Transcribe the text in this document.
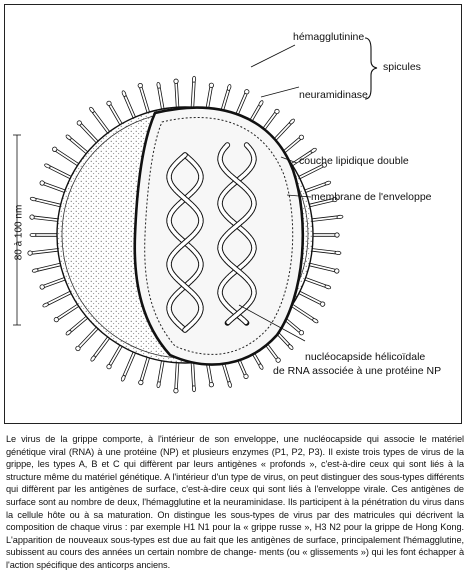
hémagglutinine
spicules
neuramidinase
couche lipidique double
membrane de l'enveloppe
nucléocapside hélicoïdale
de RNA associée à une protéine NP
80 à 100 nm
Le virus de la grippe comporte, à l'intérieur de son enveloppe, une nucléocapside qui associe le matériel génétique viral (RNA) à une protéine (NP) et plusieurs enzymes (P1, P2, P3). Il existe trois types de virus de la grippe, les types A, B et C qui diffèrent par leurs antigènes « profonds », c'est-à-dire ceux qui sont liés à la structure même du matériel génétique. A l'intérieur d'un type de virus, on peut distinguer des sous-types différents qui diffèrent par les antigènes de surface, c'est-à-dire ceux qui sont liés à l'enveloppe virale. Ces antigènes de surface sont au nombre de deux, l'hémagglutine et la neuraminidase. Ils participent à la pénétration du virus dans la cellule hôte ou à sa maturation. On distingue les sous-types de virus par des matricules qui décrivent la composition de chaque virus : par exemple H1 N1 pour la « grippe russe », H3 N2 pour la grippe de Hong Kong. L'apparition de nouveaux sous-types est due au fait que les antigènes de surface, principalement l'hémagglutine, subissent au cours des années un certain nombre de change- ments (ou « glissements ») qui les font échapper à l'action spécifique des anticorps anciens.
